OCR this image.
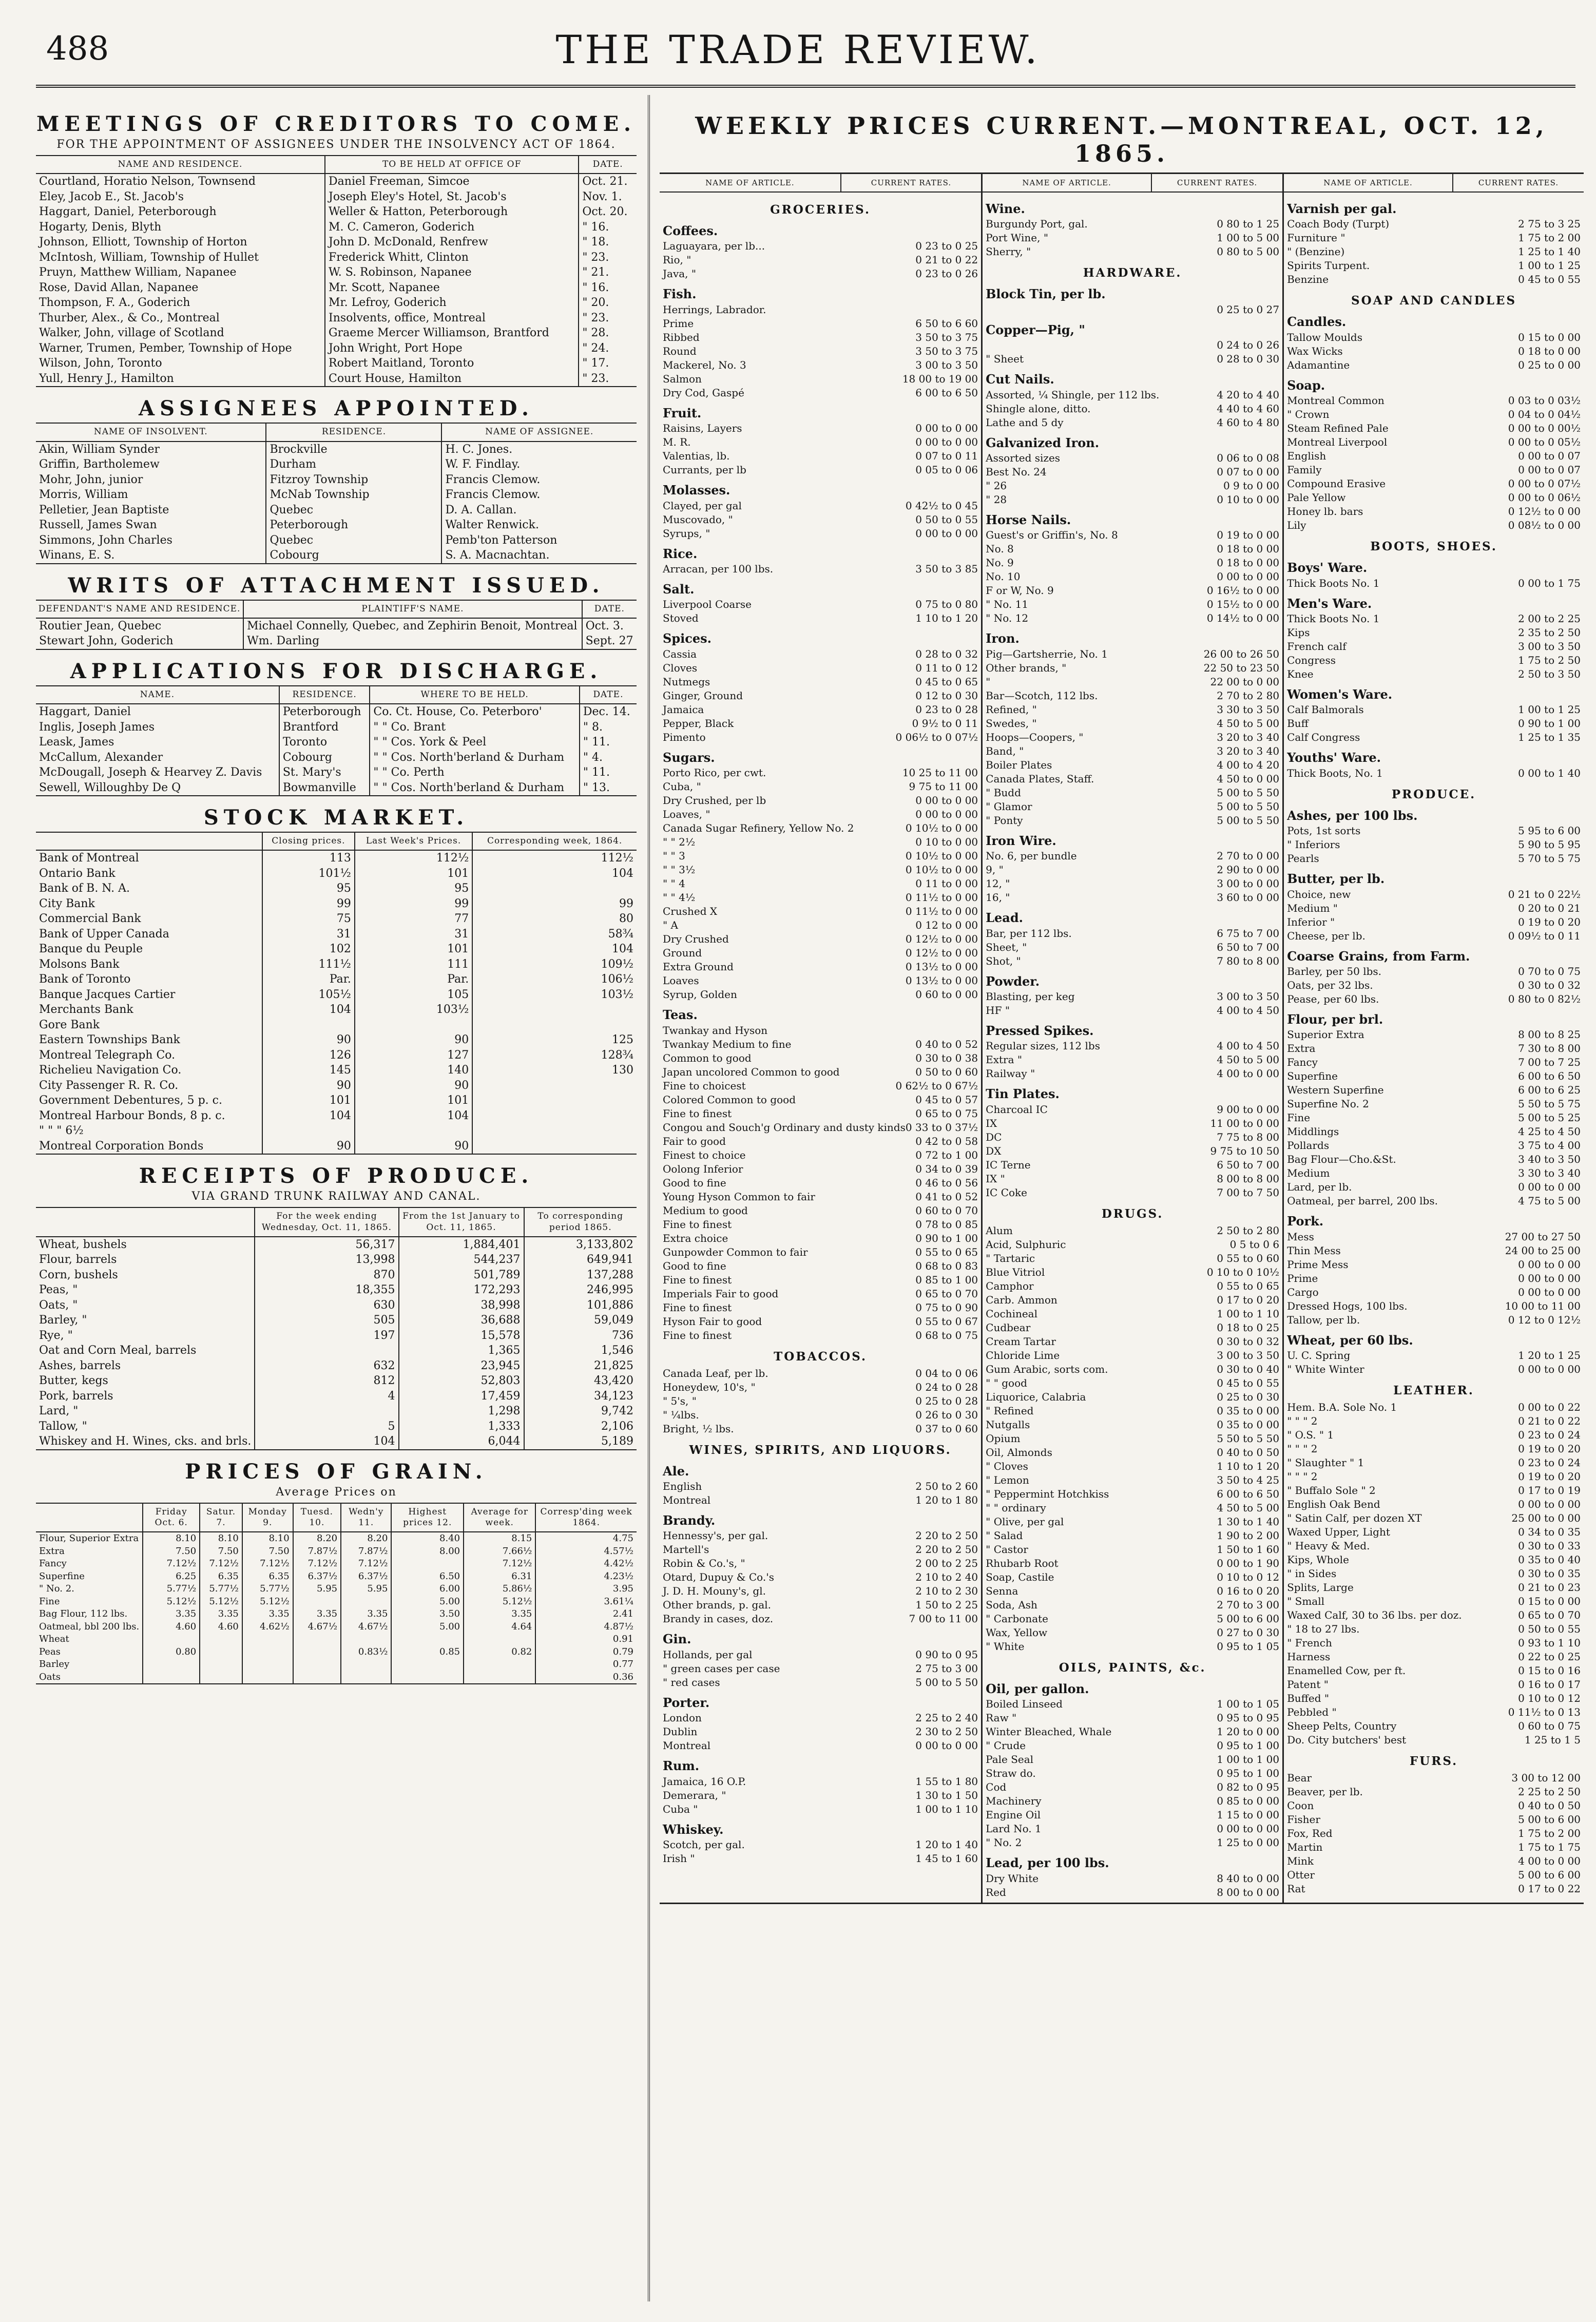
488	THE TRADE REVIEW.
MEETINGS OF CREDITORS TO COME.
FOR THE APPOINTMENT OF ASSIGNEES UNDER THE INSOLVENCY ACT OF 1864.
NAME AND RESIDENCE.	TO BE HELD AT OFFICE OF	DATE.
Courtland, Horatio Nelson, Townsend	Daniel Freeman, Simcoe	Oct. 21.
Eley, Jacob E., St. Jacob's	Joseph Eley's Hotel, St. Jacob's	Nov. 1.
Haggart, Daniel, Peterborough	Weller & Hatton, Peterborough	Oct. 20.
Hogarty, Denis, Blyth	M. C. Cameron, Goderich	" 16.
Johnson, Elliott, Township of Horton	John D. McDonald, Renfrew	" 18.
McIntosh, William, Township of Hullet	Frederick Whitt, Clinton	" 23.
Pruyn, Matthew William, Napanee	W. S. Robinson, Napanee	" 21.
Rose, David Allan, Napanee	Mr. Scott, Napanee	" 16.
Thompson, F. A., Goderich	Mr. Lefroy, Goderich	" 20.
Thurber, Alex., & Co., Montreal	Insolvents, office, Montreal	" 23.
Walker, John, village of Scotland	Graeme Mercer Williamson, Brantford	" 28.
Warner, Trumen, Pember, Township of Hope	John Wright, Port Hope	" 24.
Wilson, John, Toronto	Robert Maitland, Toronto	" 17.
Yull, Henry J., Hamilton	Court House, Hamilton	" 23.
ASSIGNEES APPOINTED.
NAME OF INSOLVENT.	RESIDENCE.	NAME OF ASSIGNEE.
Akin, William Synder	Brockville	H. C. Jones.
Griffin, Bartholemew	Durham	W. F. Findlay.
Mohr, John, junior	Fitzroy Township	Francis Clemow.
Morris, William	McNab Township	Francis Clemow.
Pelletier, Jean Baptiste	Quebec	D. A. Callan.
Russell, James Swan	Peterborough	Walter Renwick.
Simmons, John Charles	Quebec	Pemb'ton Patterson
Winans, E. S.	Cobourg	S. A. Macnachtan.
WRITS OF ATTACHMENT ISSUED.
DEFENDANT'S NAME AND RESIDENCE.	PLAINTIFF'S NAME.	DATE.
Routier Jean, Quebec	Michael Connelly, Quebec, and Zephirin Benoit, Montreal	Oct. 3.
Stewart John, Goderich	Wm. Darling	Sept. 27
APPLICATIONS FOR DISCHARGE.
NAME.	RESIDENCE.	WHERE TO BE HELD.	DATE.
Haggart, Daniel	Peterborough	Co. Ct. House, Co. Peterboro'	Dec. 14.
Inglis, Joseph James	Brantford	" " Co. Brant	" 8.
Leask, James	Toronto	" " Cos. York & Peel	" 11.
McCallum, Alexander	Cobourg	" " Cos. North'berland & Durham	" 4.
McDougall, Joseph & Hearvey Z. Davis	St. Mary's	" " Co. Perth	" 11.
Sewell, Willoughby De Q	Bowmanville	" " Cos. North'berland & Durham	" 13.
STOCK MARKET.
	Closing prices.	Last Week's Prices.	Corresponding week, 1864.
Bank of Montreal	113	112½	112½
Ontario Bank	101½	101	104
Bank of B. N. A.	95	95	
City Bank	99	99	99
Commercial Bank	75	77	80
Bank of Upper Canada	31	31	58¾
Banque du Peuple	102	101	104
Molsons Bank	111½	111	109½
Bank of Toronto	Par.	Par.	106½
Banque Jacques Cartier	105½	105	103½
Merchants Bank	104	103½	
Gore Bank			
Eastern Townships Bank	90	90	125
Montreal Telegraph Co.	126	127	128¾
Richelieu Navigation Co.	145	140	130
City Passenger R. R. Co.	90	90	
Government Debentures, 5 p. c.	101	101	
Montreal Harbour Bonds, 8 p. c.	104	104	
" " " 6½			
Montreal Corporation Bonds	90	90	
RECEIPTS OF PRODUCE.
VIA GRAND TRUNK RAILWAY AND CANAL.
	For the week ending Wednesday, Oct. 11, 1865.	From the 1st January to Oct. 11, 1865.	To corresponding period 1865.
Wheat, bushels	56,317	1,884,401	3,133,802
Flour, barrels	13,998	544,237	649,941
Corn, bushels	870	501,789	137,288
Peas, "	18,355	172,293	246,995
Oats, "	630	38,998	101,886
Barley, "	505	36,688	59,049
Rye, "	197	15,578	736
Oat and Corn Meal, barrels		1,365	1,546
Ashes, barrels	632	23,945	21,825
Butter, kegs	812	52,803	43,420
Pork, barrels	4	17,459	34,123
Lard, "		1,298	9,742
Tallow, "	5	1,333	2,106
Whiskey and H. Wines, cks. and brls.	104	6,044	5,189
PRICES OF GRAIN.
Average Prices on
	Friday Oct. 6.	Satur. 7.	Monday 9.	Tuesd. 10.	Wedn'y 11.	Highest prices 12.	Average for week.	Corresp'ding week 1864.
Flour, Superior Extra	8.10	8.10	8.10	8.20	8.20	8.40	8.15	4.75
Extra	7.50	7.50	7.50	7.87½	7.87½	8.00	7.66½	4.57½
Fancy	7.12½	7.12½	7.12½	7.12½	7.12½		7.12½	4.42½
Superfine	6.25	6.35	6.35	6.37½	6.37½	6.50	6.31	4.23½
" No. 2.	5.77½	5.77½	5.77½	5.95	5.95	6.00	5.86½	3.95
Fine	5.12½	5.12½	5.12½			5.00	5.12½	3.61¼
Bag Flour, 112 lbs.	3.35	3.35	3.35	3.35	3.35	3.50	3.35	2.41
Oatmeal, bbl 200 lbs.	4.60	4.60	4.62½	4.67½	4.67½	5.00	4.64	4.87½
Wheat								0.91
Peas	0.80				0.83½	0.85	0.82	0.79
Barley								0.77
Oats								0.36
WEEKLY PRICES CURRENT.—MONTREAL, OCT. 12, 1865.
NAME OF ARTICLE.	CURRENT RATES.
GROCERIES.
Coffees.
Laguayara, per lb...	0 23 to 0 25
Rio, "	0 21 to 0 22
Java, "	0 23 to 0 26
Fish.
Herrings, Labrador.
Prime	6 50 to 6 60
Ribbed	3 50 to 3 75
Round	3 50 to 3 75
Mackerel, No. 3	3 00 to 3 50
Salmon	18 00 to 19 00
Dry Cod, Gaspé	6 00 to 6 50
Fruit.
Raisins, Layers	0 00 to 0 00
M. R.	0 00 to 0 00
Valentias, lb.	0 07 to 0 11
Currants, per lb	0 05 to 0 06
Molasses.
Clayed, per gal	0 42½ to 0 45
Muscovado, "	0 50 to 0 55
Syrups, "	0 00 to 0 00
Rice.
Arracan, per 100 lbs.	3 50 to 3 85
Salt.
Liverpool Coarse	0 75 to 0 80
Stoved	1 10 to 1 20
Spices.
Cassia	0 28 to 0 32
Cloves	0 11 to 0 12
Nutmegs	0 45 to 0 65
Ginger, Ground	0 12 to 0 30
Jamaica	0 23 to 0 28
Pepper, Black	0 9½ to 0 11
Pimento	0 06½ to 0 07½
Sugars.
Porto Rico, per cwt.	10 25 to 11 00
Cuba, "	9 75 to 11 00
Dry Crushed, per lb	0 00 to 0 00
Loaves, "	0 00 to 0 00
Canada Sugar Refinery, Yellow No. 2	0 10½ to 0 00
" " 2½	0 10 to 0 00
" " 3	0 10½ to 0 00
" " 3½	0 10½ to 0 00
" " 4	0 11 to 0 00
" " 4½	0 11½ to 0 00
Crushed X	0 11½ to 0 00
" A	0 12 to 0 00
Dry Crushed	0 12½ to 0 00
Ground	0 12½ to 0 00
Extra Ground	0 13½ to 0 00
Loaves	0 13½ to 0 00
Syrup, Golden	0 60 to 0 00
Teas.
Twankay and Hyson
Twankay Medium to fine	0 40 to 0 52
Common to good	0 30 to 0 38
Japan uncolored Common to good	0 50 to 0 60
Fine to choicest	0 62½ to 0 67½
Colored Common to good	0 45 to 0 57
Fine to finest	0 65 to 0 75
Congou and Souch'g Ordinary and dusty kinds 0 33 to 0 37½
Fair to good	0 42 to 0 58
Finest to choice	0 72 to 1 00
Oolong Inferior	0 34 to 0 39
Good to fine	0 46 to 0 56
Young Hyson Common to fair	0 41 to 0 52
Medium to good	0 60 to 0 70
Fine to finest	0 78 to 0 85
Extra choice	0 90 to 1 00
Gunpowder Common to fair	0 55 to 0 65
Good to fine	0 68 to 0 83
Fine to finest	0 85 to 1 00
Imperials Fair to good	0 65 to 0 70
Fine to finest	0 75 to 0 90
Hyson Fair to good	0 55 to 0 67
Fine to finest	0 68 to 0 75
TOBACCOS.
Canada Leaf, per lb.	0 04 to 0 06
Honeydew, 10's, "	0 24 to 0 28
" 5's, "	0 25 to 0 28
" ¼lbs.	0 26 to 0 30
Bright, ½ lbs.	0 37 to 0 60
WINES, SPIRITS, AND LIQUORS.
Ale.
English	2 50 to 2 60
Montreal	1 20 to 1 80
Brandy.
Hennessy's, per gal.	2 20 to 2 50
Martell's	2 20 to 2 50
Robin & Co.'s, "	2 00 to 2 25
Otard, Dupuy & Co.'s	2 10 to 2 40
J. D. H. Mouny's, gl.	2 10 to 2 30
Other brands, p. gal.	1 50 to 2 25
Brandy in cases, doz.	7 00 to 11 00
Gin.
Hollands, per gal	0 90 to 0 95
" green cases per case	2 75 to 3 00
" red cases	5 00 to 5 50
Porter.
London	2 25 to 2 40
Dublin	2 30 to 2 50
Montreal	0 00 to 0 00
Rum.
Jamaica, 16 O.P.	1 55 to 1 80
Demerara, "	1 30 to 1 50
Cuba "	1 00 to 1 10
Whiskey.
Scotch, per gal.	1 20 to 1 40
Irish "	1 45 to 1 60
NAME OF ARTICLE.	CURRENT RATES.
Wine.
Burgundy Port, gal.	0 80 to 1 25
Port Wine, "	1 00 to 5 00
Sherry, "	0 80 to 5 00
HARDWARE.
Block Tin, per lb.
0 25 to 0 27
Copper—Pig, "
0 24 to 0 26
" Sheet	0 28 to 0 30
Cut Nails.
Assorted, ¼ Shingle, per 112 lbs.	4 20 to 4 40
Shingle alone, ditto.	4 40 to 4 60
Lathe and 5 dy	4 60 to 4 80
Galvanized Iron.
Assorted sizes	0 06 to 0 08
Best No. 24	0 07 to 0 00
" 26	0 9 to 0 00
" 28	0 10 to 0 00
Horse Nails.
Guest's or Griffin's, No. 8	0 19 to 0 00
No. 8	0 18 to 0 00
No. 9	0 18 to 0 00
No. 10	0 00 to 0 00
F or W, No. 9	0 16½ to 0 00
" No. 11	0 15½ to 0 00
" No. 12	0 14½ to 0 00
Iron.
Pig—Gartsherrie, No. 1	26 00 to 26 50
Other brands, "	22 50 to 23 50
"	22 00 to 0 00
Bar—Scotch, 112 lbs.	2 70 to 2 80
Refined, "	3 30 to 3 50
Swedes, "	4 50 to 5 00
Hoops—Coopers, "	3 20 to 3 40
Band, "	3 20 to 3 40
Boiler Plates	4 00 to 4 20
Canada Plates, Staff.	4 50 to 0 00
" Budd	5 00 to 5 50
" Glamor	5 00 to 5 50
" Ponty	5 00 to 5 50
Iron Wire.
No. 6, per bundle	2 70 to 0 00
9, "	2 90 to 0 00
12, "	3 00 to 0 00
16, "	3 60 to 0 00
Lead.
Bar, per 112 lbs.	6 75 to 7 00
Sheet, "	6 50 to 7 00
Shot, "	7 80 to 8 00
Powder.
Blasting, per keg	3 00 to 3 50
HF "	4 00 to 4 50
Pressed Spikes.
Regular sizes, 112 lbs	4 00 to 4 50
Extra "	4 50 to 5 00
Railway "	4 00 to 0 00
Tin Plates.
Charcoal IC	9 00 to 0 00
IX	11 00 to 0 00
DC	7 75 to 8 00
DX	9 75 to 10 50
IC Terne	6 50 to 7 00
IX "	8 00 to 8 00
IC Coke	7 00 to 7 50
DRUGS.
Alum	2 50 to 2 80
Acid, Sulphuric	0 5 to 0 6
" Tartaric	0 55 to 0 60
Blue Vitriol	0 10 to 0 10½
Camphor	0 55 to 0 65
Carb. Ammon	0 17 to 0 20
Cochineal	1 00 to 1 10
Cudbear	0 18 to 0 25
Cream Tartar	0 30 to 0 32
Chloride Lime	3 00 to 3 50
Gum Arabic, sorts com.	0 30 to 0 40
" " good	0 45 to 0 55
Liquorice, Calabria	0 25 to 0 30
" Refined	0 35 to 0 00
Nutgalls	0 35 to 0 00
Opium	5 50 to 5 50
Oil, Almonds	0 40 to 0 50
" Cloves	1 10 to 1 20
" Lemon	3 50 to 4 25
" Peppermint Hotchkiss	6 00 to 6 50
" " ordinary	4 50 to 5 00
" Olive, per gal	1 30 to 1 40
" Salad	1 90 to 2 00
" Castor	1 50 to 1 60
Rhubarb Root	0 00 to 1 90
Soap, Castile	0 10 to 0 12
Senna	0 16 to 0 20
Soda, Ash	2 70 to 3 00
" Carbonate	5 00 to 6 00
Wax, Yellow	0 27 to 0 30
" White	0 95 to 1 05
OILS, PAINTS, &c.
Oil, per gallon.
Boiled Linseed	1 00 to 1 05
Raw "	0 95 to 0 95
Winter Bleached, Whale	1 20 to 0 00
" Crude	0 95 to 1 00
Pale Seal	1 00 to 1 00
Straw do.	0 95 to 1 00
Cod	0 82 to 0 95
Machinery	0 85 to 0 00
Engine Oil	1 15 to 0 00
Lard No. 1	0 00 to 0 00
" No. 2	1 25 to 0 00
Lead, per 100 lbs.
Dry White	8 40 to 0 00
Red	8 00 to 0 00
NAME OF ARTICLE.	CURRENT RATES.
Varnish per gal.
Coach Body (Turpt)	2 75 to 3 25
Furniture "	1 75 to 2 00
" (Benzine)	1 25 to 1 40
Spirits Turpent.	1 00 to 1 25
Benzine	0 45 to 0 55
SOAP AND CANDLES
Candles.
Tallow Moulds	0 15 to 0 00
Wax Wicks	0 18 to 0 00
Adamantine	0 25 to 0 00
Soap.
Montreal Common	0 03 to 0 03½
" Crown	0 04 to 0 04½
Steam Refined Pale	0 00 to 0 00½
Montreal Liverpool	0 00 to 0 05½
English	0 00 to 0 07
Family	0 00 to 0 07
Compound Erasive	0 00 to 0 07½
Pale Yellow	0 00 to 0 06½
Honey lb. bars	0 12½ to 0 00
Lily	0 08½ to 0 00
BOOTS, SHOES.
Boys' Ware.
Thick Boots No. 1	0 00 to 1 75
Men's Ware.
Thick Boots No. 1	2 00 to 2 25
Kips	2 35 to 2 50
French calf	3 00 to 3 50
Congress	1 75 to 2 50
Knee	2 50 to 3 50
Women's Ware.
Calf Balmorals	1 00 to 1 25
Buff	0 90 to 1 00
Calf Congress	1 25 to 1 35
Youths' Ware.
Thick Boots, No. 1	0 00 to 1 40
PRODUCE.
Ashes, per 100 lbs.
Pots, 1st sorts	5 95 to 6 00
" Inferiors	5 90 to 5 95
Pearls	5 70 to 5 75
Butter, per lb.
Choice, new	0 21 to 0 22½
Medium "	0 20 to 0 21
Inferior "	0 19 to 0 20
Cheese, per lb.	0 09½ to 0 11
Coarse Grains, from Farm.
Barley, per 50 lbs.	0 70 to 0 75
Oats, per 32 lbs.	0 30 to 0 32
Pease, per 60 lbs.	0 80 to 0 82½
Flour, per brl.
Superior Extra	8 00 to 8 25
Extra	7 30 to 8 00
Fancy	7 00 to 7 25
Superfine	6 00 to 6 50
Western Superfine	6 00 to 6 25
Superfine No. 2	5 50 to 5 75
Fine	5 00 to 5 25
Middlings	4 25 to 4 50
Pollards	3 75 to 4 00
Bag Flour—Cho.&St.	3 40 to 3 50
Medium	3 30 to 3 40
Lard, per lb.	0 00 to 0 00
Oatmeal, per barrel, 200 lbs.	4 75 to 5 00
Pork.
Mess	27 00 to 27 50
Thin Mess	24 00 to 25 00
Prime Mess	0 00 to 0 00
Prime	0 00 to 0 00
Cargo	0 00 to 0 00
Dressed Hogs, 100 lbs.	10 00 to 11 00
Tallow, per lb.	0 12 to 0 12½
Wheat, per 60 lbs.
U. C. Spring	1 20 to 1 25
" White Winter	0 00 to 0 00
LEATHER.
Hem. B.A. Sole No. 1	0 00 to 0 22
" " " 2	0 21 to 0 22
" O.S. " 1	0 23 to 0 24
" " " 2	0 19 to 0 20
" Slaughter " 1	0 23 to 0 24
" " " 2	0 19 to 0 20
" Buffalo Sole " 2	0 17 to 0 19
English Oak Bend	0 00 to 0 00
" Satin Calf, per dozen XT	25 00 to 0 00
Waxed Upper, Light	0 34 to 0 35
" Heavy & Med.	0 30 to 0 33
Kips, Whole	0 35 to 0 40
" in Sides	0 30 to 0 35
Splits, Large	0 21 to 0 23
" Small	0 15 to 0 00
Waxed Calf, 30 to 36 lbs. per doz.	0 65 to 0 70
" 18 to 27 lbs.	0 50 to 0 55
" French	0 93 to 1 10
Harness	0 22 to 0 25
Enamelled Cow, per ft.	0 15 to 0 16
Patent "	0 16 to 0 17
Buffed "	0 10 to 0 12
Pebbled "	0 11½ to 0 13
Sheep Pelts, Country	0 60 to 0 75
Do. City butchers' best	1 25 to 1 5
FURS.
Bear	3 00 to 12 00
Beaver, per lb.	2 25 to 2 50
Coon	0 40 to 0 50
Fisher	5 00 to 6 00
Fox, Red	1 75 to 2 00
Martin	1 75 to 1 75
Mink	4 00 to 0 00
Otter	5 00 to 6 00
Rat	0 17 to 0 22
